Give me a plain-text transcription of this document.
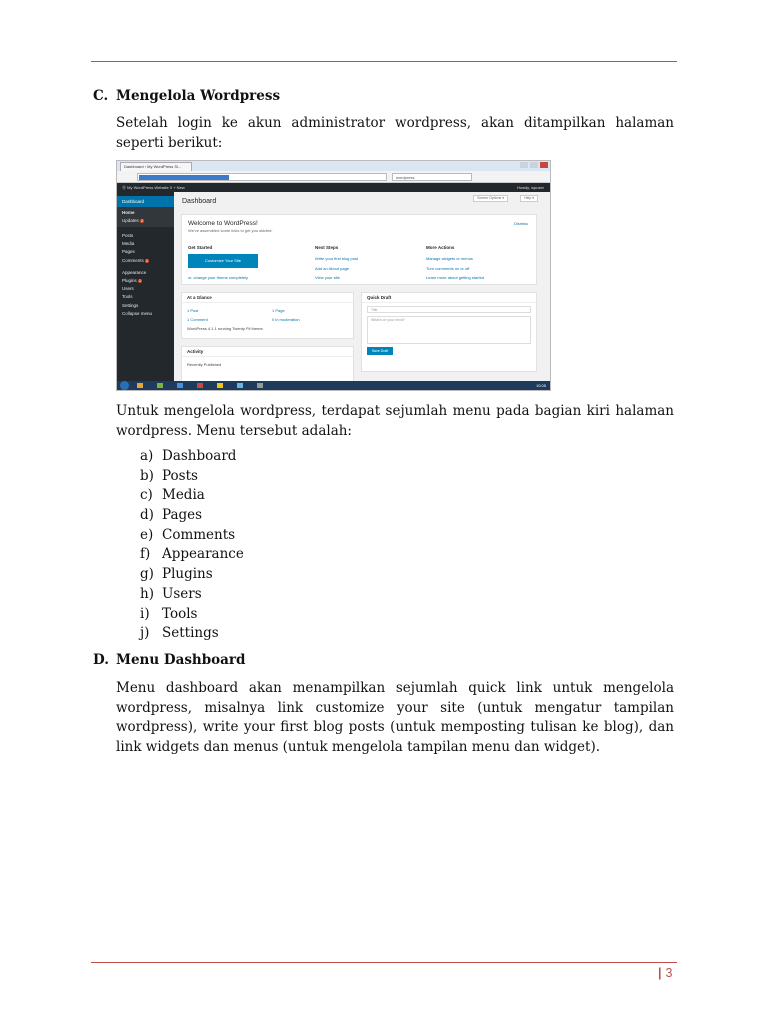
C. Mengelola Wordpress

Setelah login ke akun administrator wordpress, akan ditampilkan halaman seperti berikut:

Dashboard ‹ My WordPress Si...
wordpress
Ⓦ My WordPress Website 0 + New	Howdy, wpuser
Dashboard
Home
Updates 2
Posts
Media
Pages
Comments 1
Appearance
Plugins 1
Users
Tools
Settings
Collapse menu
Dashboard	Screen Options ▾	Help ▾
Welcome to WordPress!
We've assembled some links to get you started:
Dismiss
Get Started
Customize Your Site
or, change your theme completely
Next Steps
Write your first blog post
Add an About page
View your site
More Actions
Manage widgets or menus
Turn comments on or off
Learn more about getting started
At a Glance
1 Post	1 Page
1 Comment	0 in moderation
WordPress 4.1.1 running Twenty Fif theme.
Activity
Recently Published
Quick Draft
Title
What's on your mind?
Save Draft
10:05

Untuk mengelola wordpress, terdapat sejumlah menu pada bagian kiri halaman wordpress. Menu tersebut adalah:

a) Dashboard
b) Posts
c) Media
d) Pages
e) Comments
f) Appearance
g) Plugins
h) Users
i) Tools
j) Settings
D. Menu Dashboard

Menu dashboard akan menampilkan sejumlah quick link untuk mengelola wordpress, misalnya link customize your site (untuk mengatur tampilan wordpress), write your first blog posts (untuk memposting tulisan ke blog), dan link widgets dan menus (untuk mengelola tampilan menu dan widget).

| 3
